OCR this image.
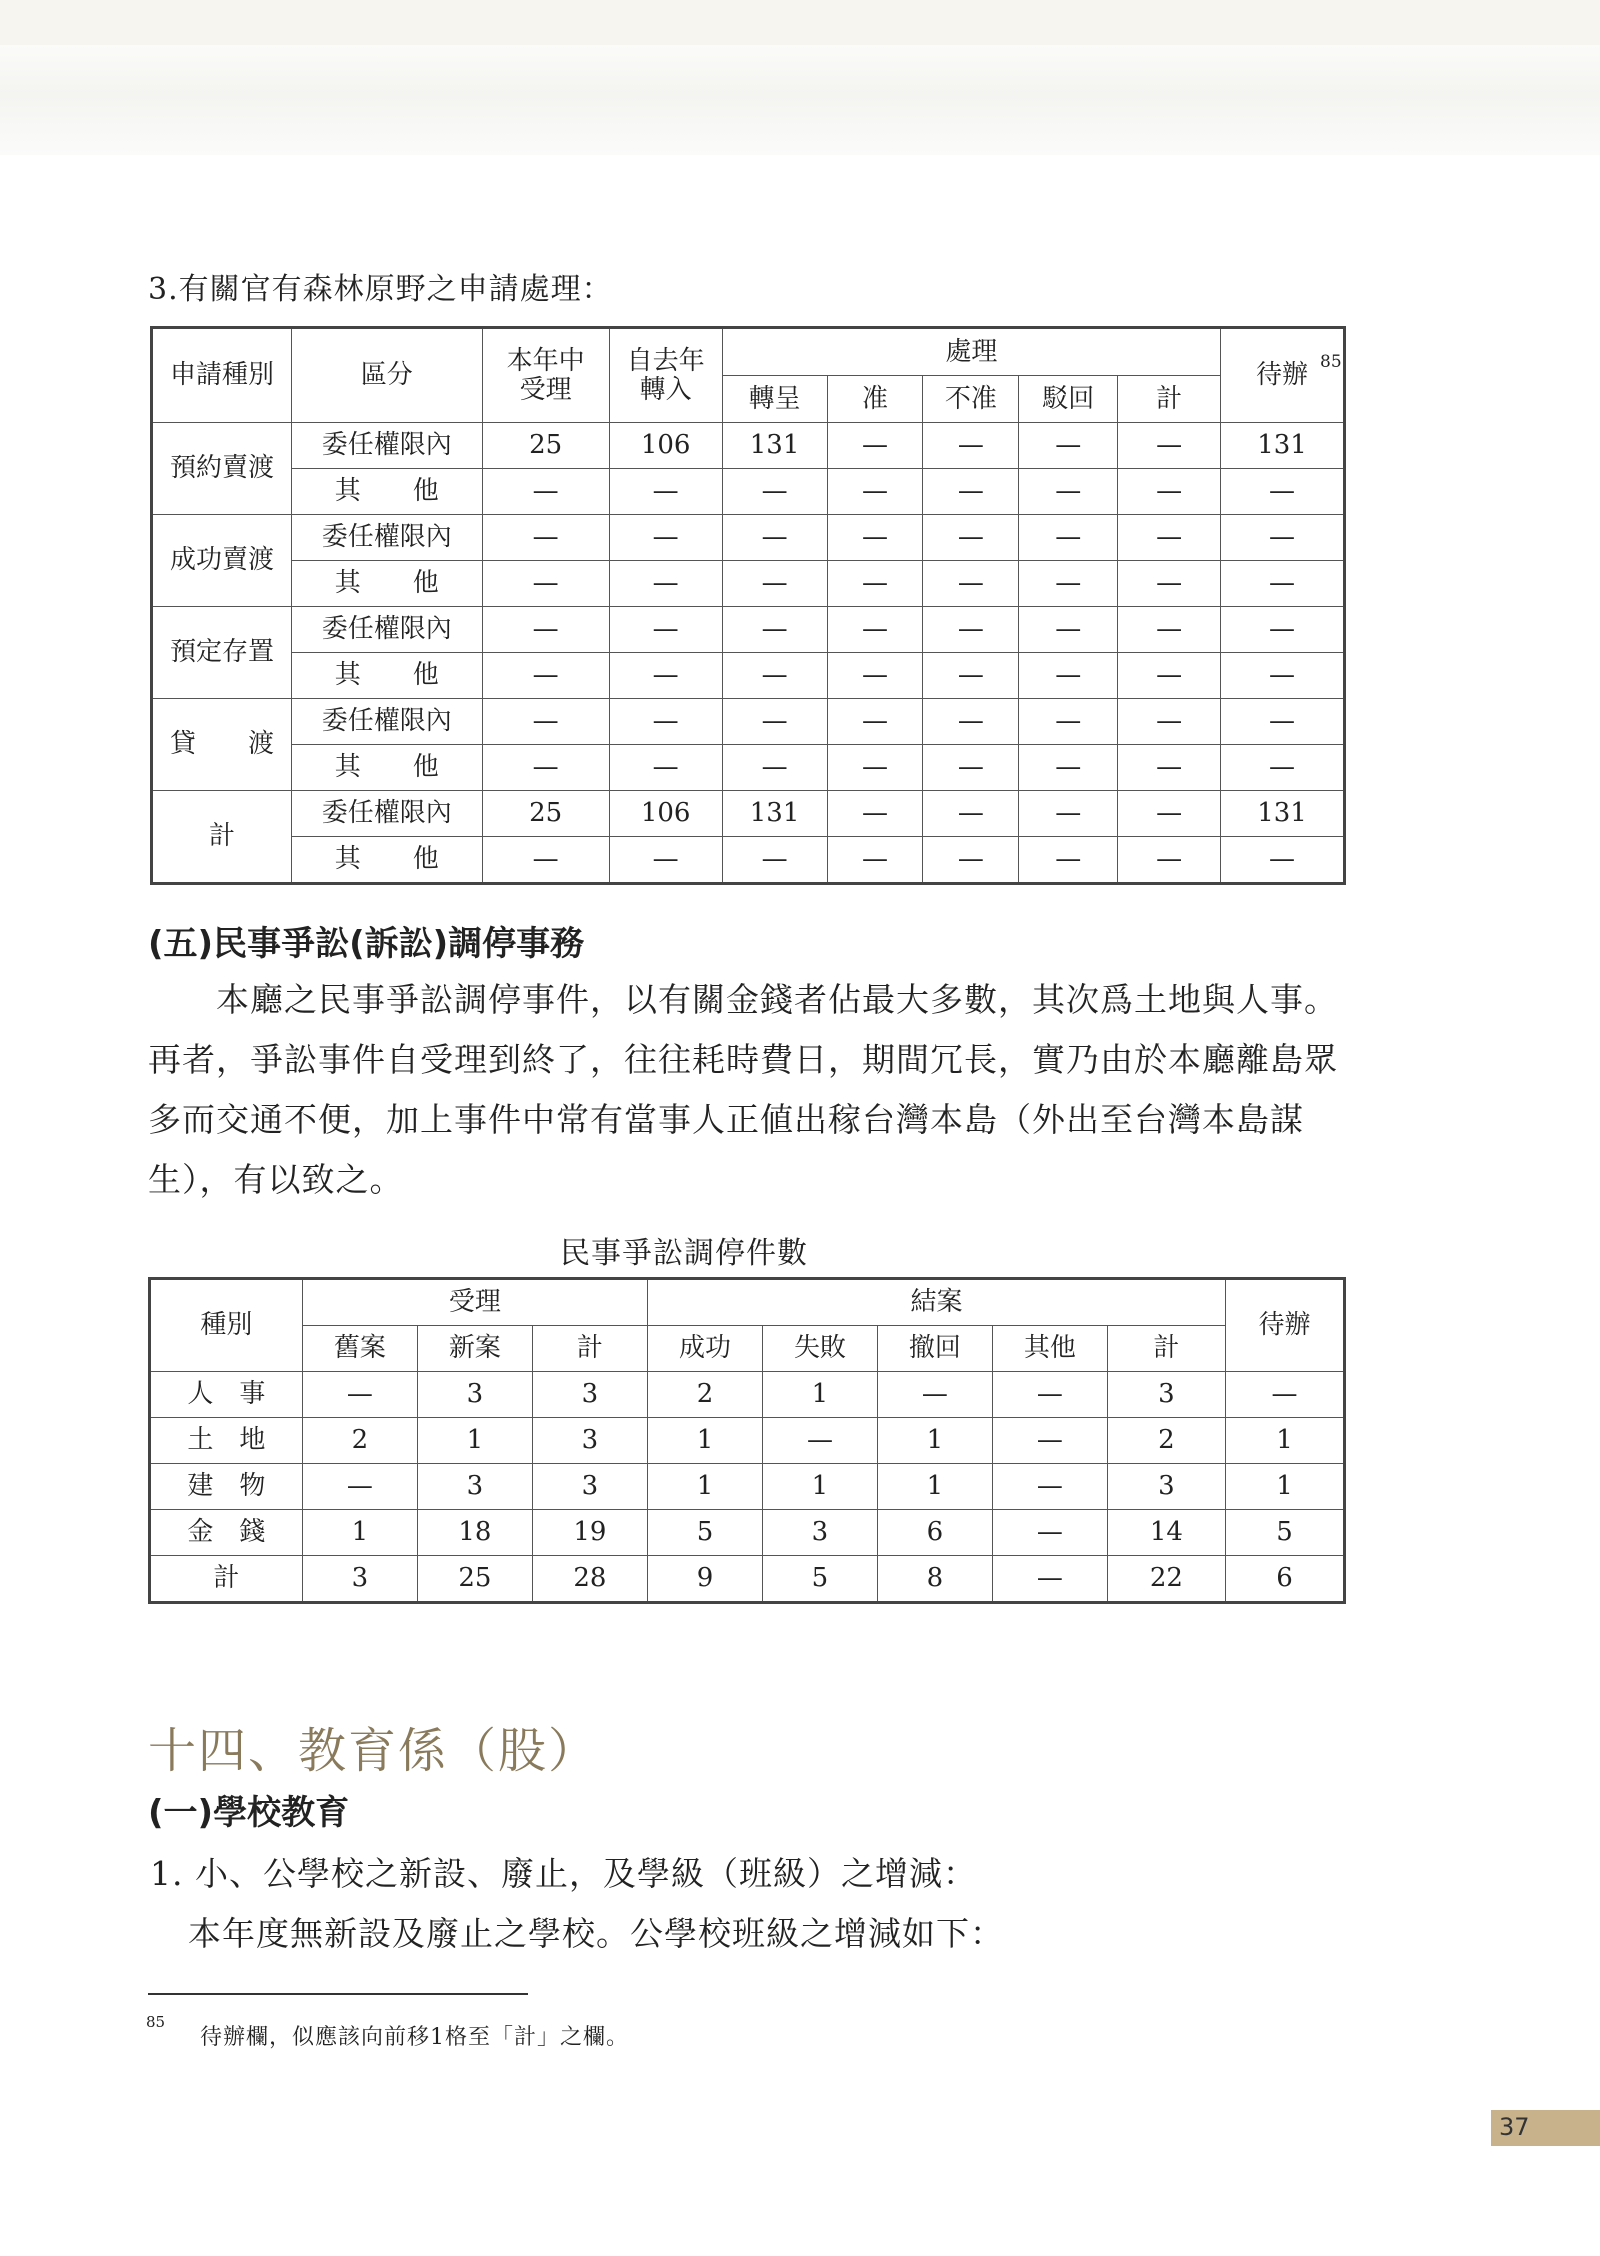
3.有關官有森林原野之申請處理：
申請種別	區分	本年中受理	自去年轉入	處理					待辦
				轉呈	准	不准	駁回	計	
預約賣渡	委任權限內	25	106	131	—	—	—	—	131
	其　　他	—	—	—	—	—	—	—	—
成功賣渡	委任權限內	—	—	—	—	—	—	—	—
	其　　他	—	—	—	—	—	—	—	—
預定存置	委任權限內	—	—	—	—	—	—	—	—
	其　　他	—	—	—	—	—	—	—	—
貸　　渡	委任權限內	—	—	—	—	—	—	—	—
	其　　他	—	—	—	—	—	—	—	—
計	委任權限內	25	106	131	—	—	—	—	131
	其　　他	—	—	—	—	—	—	—	—
85
(五)民事爭訟(訴訟)調停事務
　　本廳之民事爭訟調停事件，以有關金錢者佔最大多數，其次爲土地與人事。再者，爭訟事件自受理到終了，往往耗時費日，期間冗長，實乃由於本廳離島眾多而交通不便，加上事件中常有當事人正値出稼台灣本島（外出至台灣本島謀生），有以致之。
民事爭訟調停件數
種別	受理			結案					待辦
	舊案	新案	計	成功	失敗	撤回	其他	計	
人　事	—	3	3	2	1	—	—	3	—
土　地	2	1	3	1	—	1	—	2	1
建　物	—	3	3	1	1	1	—	3	1
金　錢	1	18	19	5	3	6	—	14	5
計	3	25	28	9	5	8	—	22	6
十四、教育係（股）
(一)學校教育
1. 小、公學校之新設、廢止，及學級（班級）之增減：
本年度無新設及廢止之學校。公學校班級之增減如下：
85
待辦欄，似應該向前移1格至「計」之欄。
37
